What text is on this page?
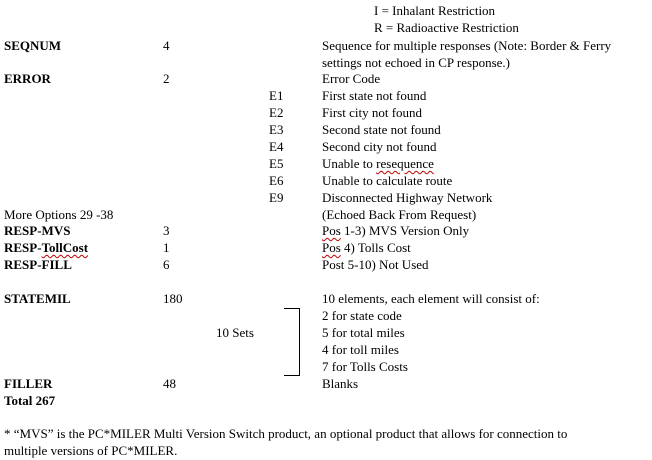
I = Inhalant Restriction
R = Radioactive Restriction
SEQNUM	4	Sequence for multiple responses (Note: Border & Ferry settings not echoed in CP response.)
ERROR	2	Error Code
E1	First state not found
E2	First city not found
E3	Second state not found
E4	Second city not found
E5	Unable to resequence
E6	Unable to calculate route
E9	Disconnected Highway Network
More Options 29 -38	(Echoed Back From Request)
RESP-MVS	3	Pos 1-3) MVS Version Only
RESP-TollCost	1	Pos 4) Tolls Cost
RESP-FILL	6	Post 5-10) Not Used
STATEMIL	180	10 elements, each element will consist of:
10 Sets
2 for state code
5 for total miles
4 for toll miles
7 for Tolls Costs
FILLER	48	Blanks
Total 267
* “MVS” is the PC*MILER Multi Version Switch product, an optional product that allows for connection to multiple versions of PC*MILER.
